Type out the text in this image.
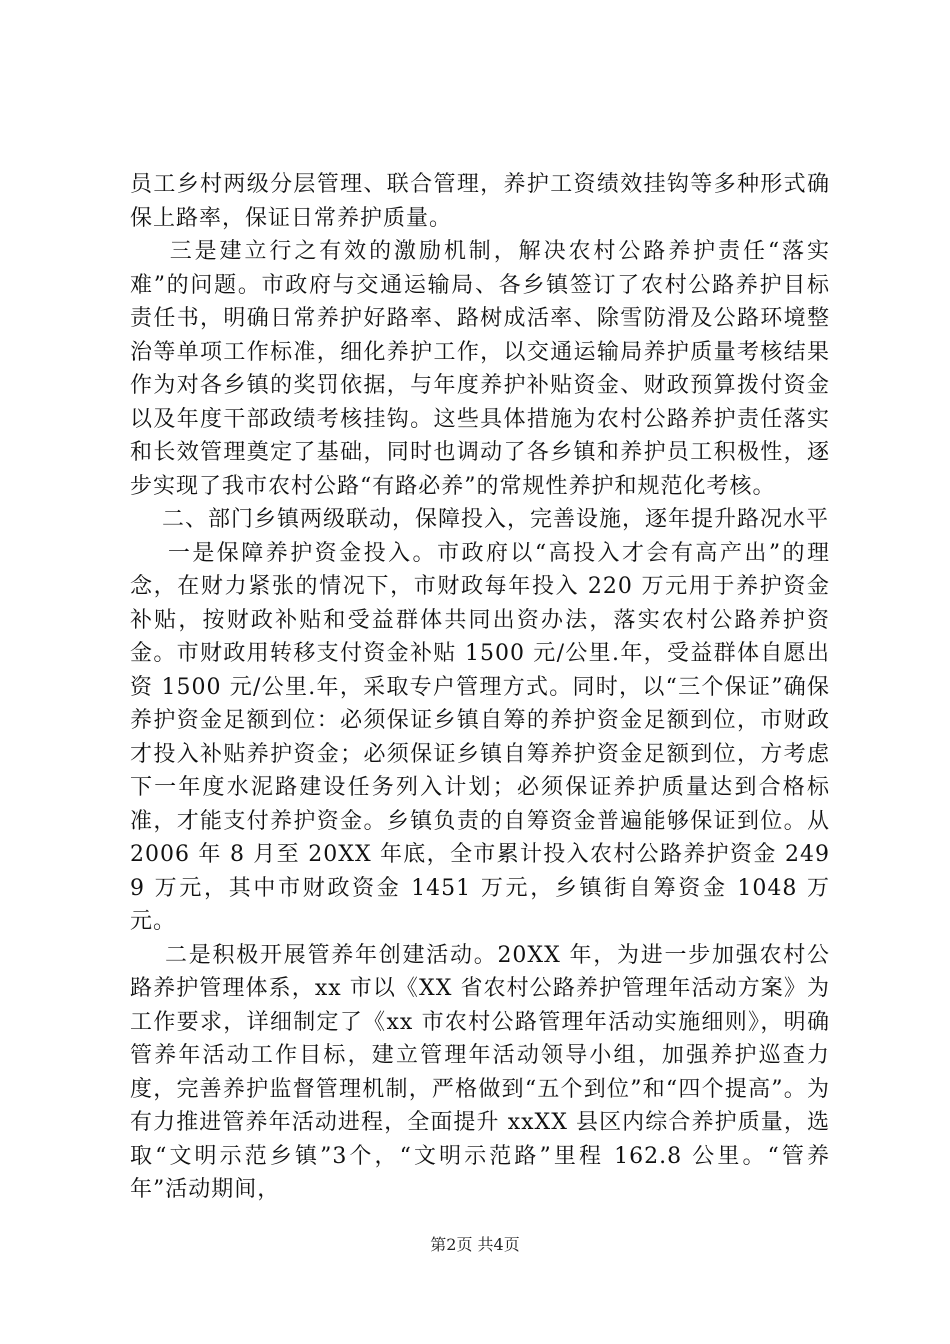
员工乡村两级分层管理、联合管理，养护工资绩效挂钩等多种形式确保上路率，保证日常养护质量。

三是建立行之有效的激励机制，解决农村公路养护责任“落实难”的问题。市政府与交通运输局、各乡镇签订了农村公路养护目标责任书，明确日常养护好路率、路树成活率、除雪防滑及公路环境整治等单项工作标准，细化养护工作，以交通运输局养护质量考核结果作为对各乡镇的奖罚依据，与年度养护补贴资金、财政预算拨付资金以及年度干部政绩考核挂钩。这些具体措施为农村公路养护责任落实和长效管理奠定了基础，同时也调动了各乡镇和养护员工积极性，逐步实现了我市农村公路“有路必养”的常规性养护和规范化考核。

二、部门乡镇两级联动，保障投入，完善设施，逐年提升路况水平

一是保障养护资金投入。市政府以“高投入才会有高产出”的理念，在财力紧张的情况下，市财政每年投入 220 万元用于养护资金补贴，按财政补贴和受益群体共同出资办法，落实农村公路养护资金。市财政用转移支付资金补贴 1500 元/公里.年，受益群体自愿出资 1500 元/公里.年，采取专户管理方式。同时，以“三个保证”确保养护资金足额到位：必须保证乡镇自筹的养护资金足额到位，市财政才投入补贴养护资金；必须保证乡镇自筹养护资金足额到位，方考虑下一年度水泥路建设任务列入计划；必须保证养护质量达到合格标准，才能支付养护资金。乡镇负责的自筹资金普遍能够保证到位。从 2006 年 8 月至 20XX 年底，全市累计投入农村公路养护资金 2499 万元，其中市财政资金 1451 万元，乡镇街自筹资金 1048 万元。

二是积极开展管养年创建活动。20XX 年，为进一步加强农村公路养护管理体系，xx 市以《XX 省农村公路养护管理年活动方案》为工作要求，详细制定了《xx 市农村公路管理年活动实施细则》，明确管养年活动工作目标，建立管理年活动领导小组，加强养护巡查力度，完善养护监督管理机制，严格做到“五个到位”和“四个提高”。为有力推进管养年活动进程，全面提升 xxXX 县区内综合养护质量，选取“文明示范乡镇”3个，“文明示范路”里程 162.8 公里。“管养年”活动期间，

第2页 共4页
